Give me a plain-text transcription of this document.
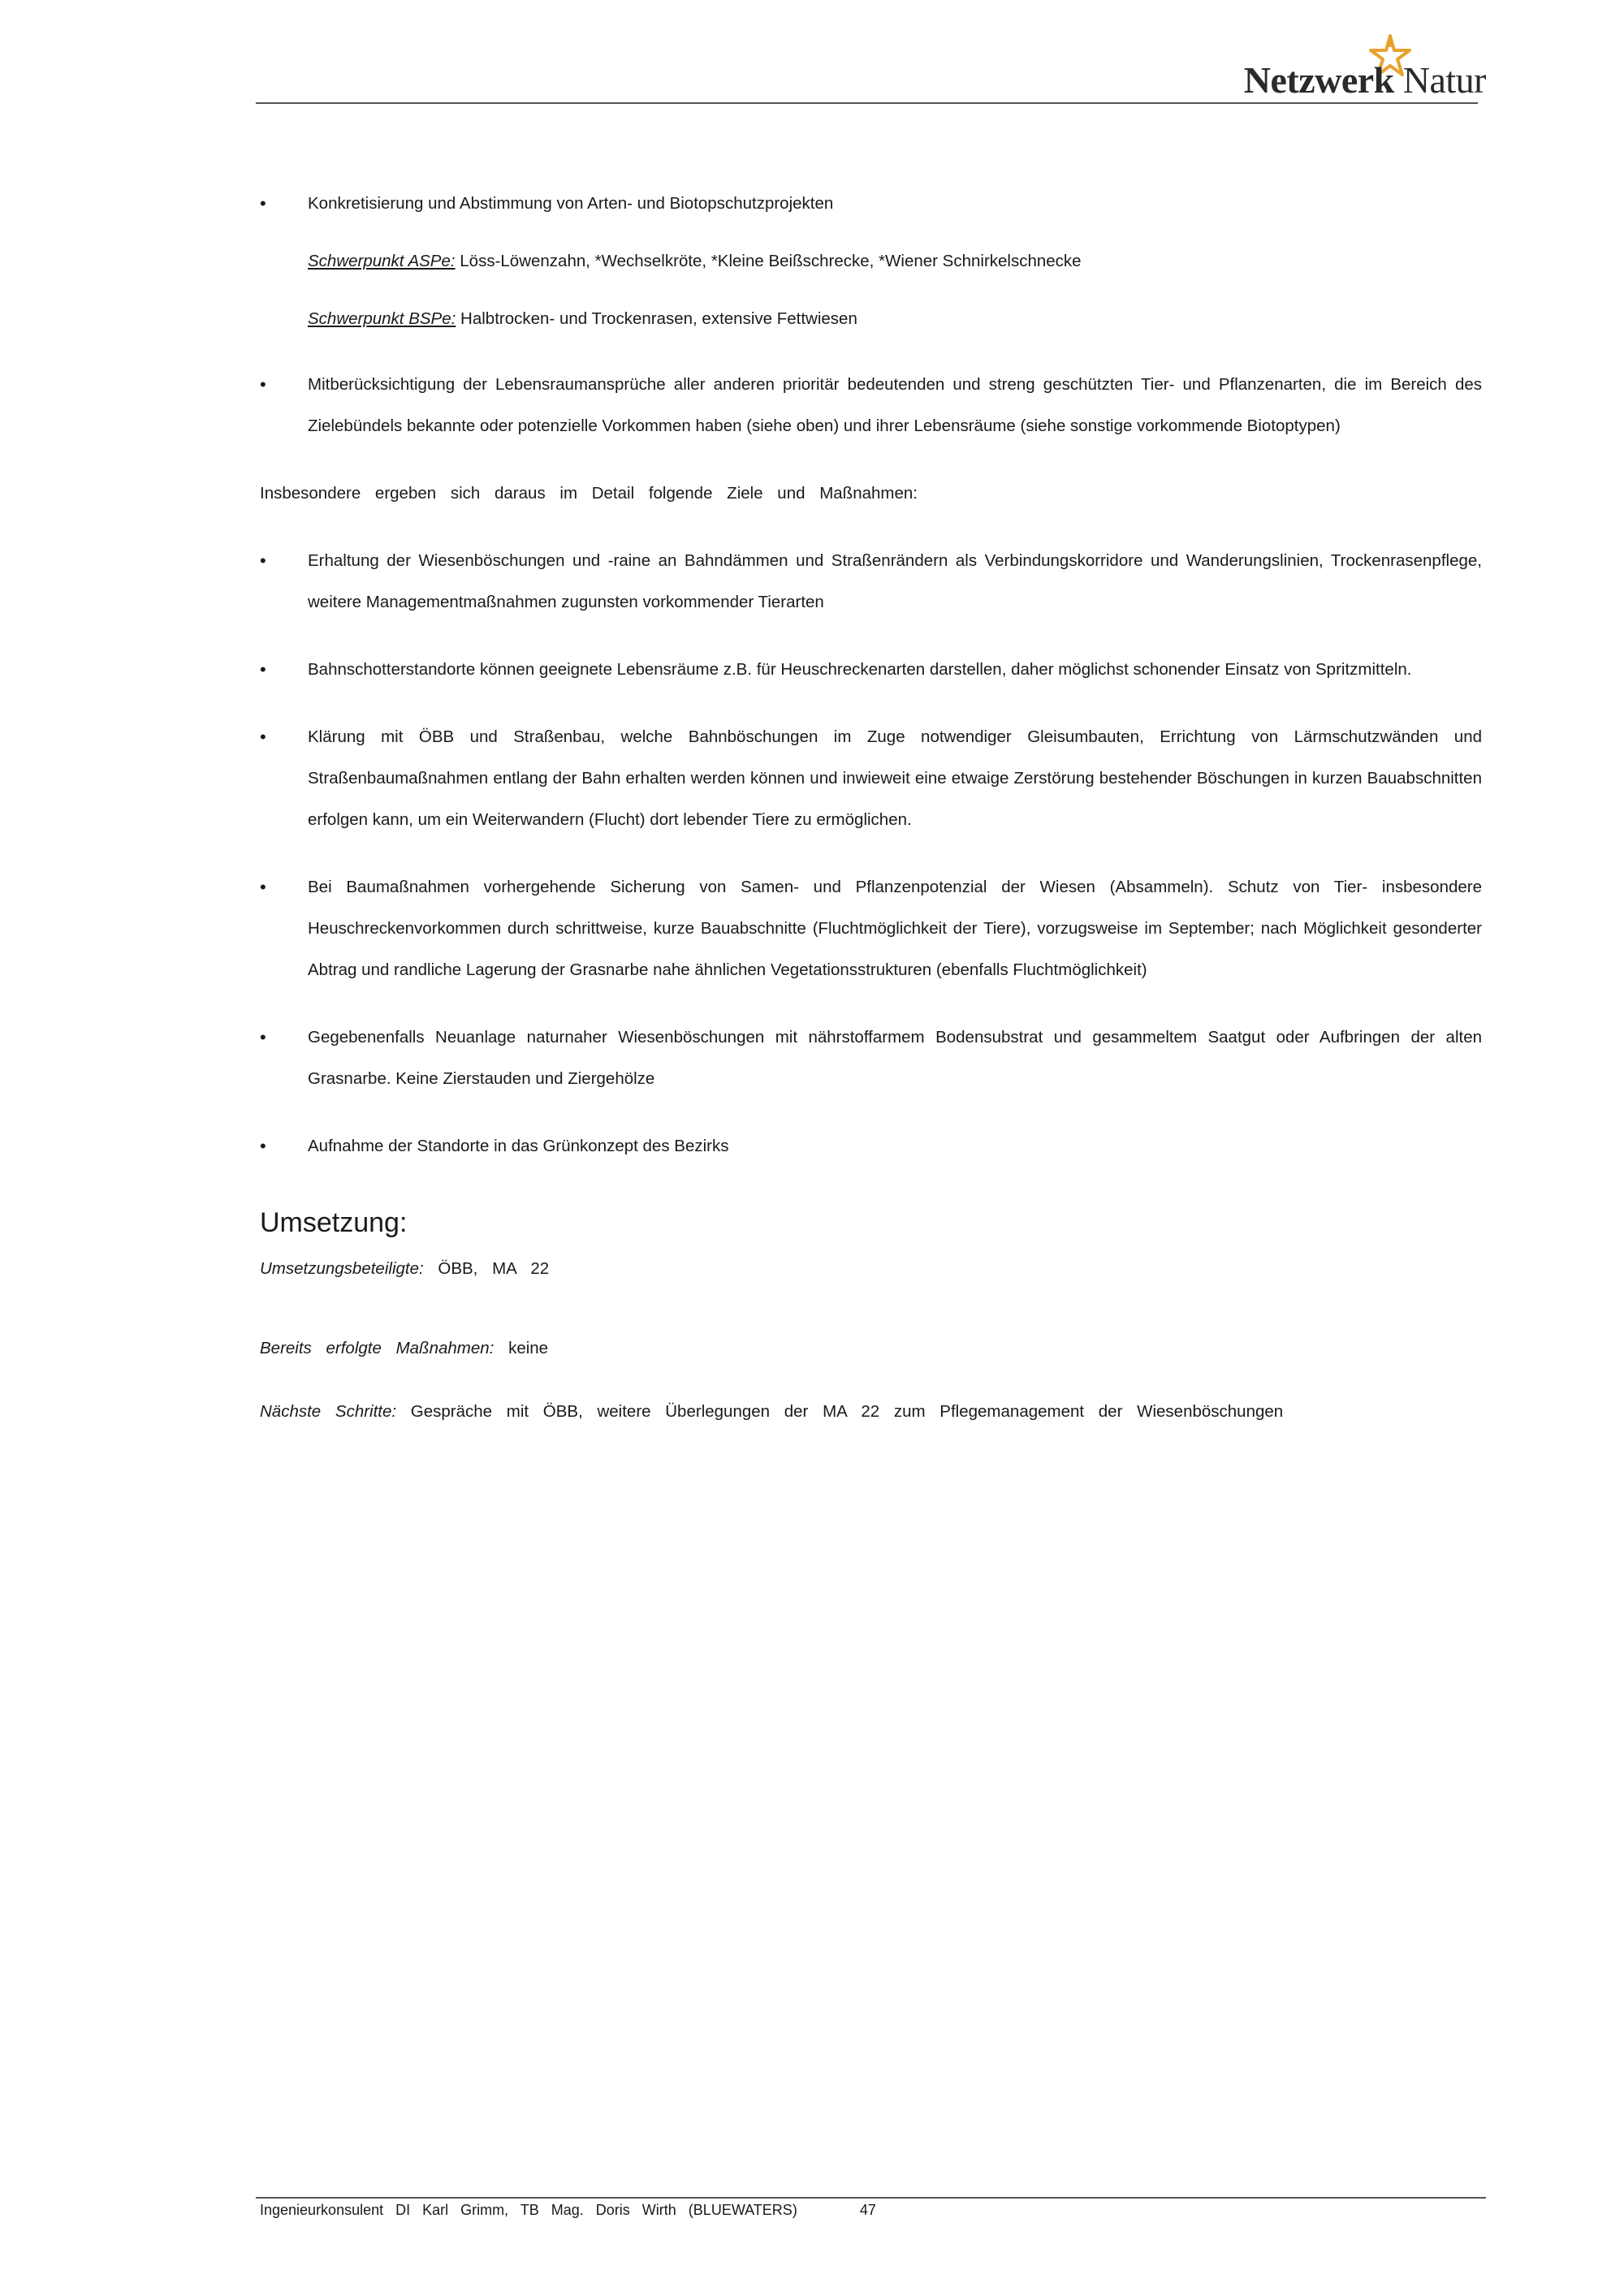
Netzwerk Natur
•	Konkretisierung und Abstimmung von Arten- und Biotopschutzprojekten
Schwerpunkt ASPe: Löss-Löwenzahn, *Wechselkröte, *Kleine Beißschrecke, *Wiener Schnirkelschnecke
Schwerpunkt BSPe: Halbtrocken- und Trockenrasen, extensive Fettwiesen
•	Mitberücksichtigung der Lebensraumansprüche aller anderen prioritär bedeutenden und streng geschützten Tier- und Pflanzenarten, die im Bereich des Zielebündels bekannte oder potenzielle Vorkommen haben (siehe oben) und ihrer Lebensräume (siehe sonstige vorkommende Biotoptypen)

Insbesondere ergeben sich daraus im Detail folgende Ziele und Maßnahmen:

•	Erhaltung der Wiesenböschungen und -raine an Bahndämmen und Straßenrändern als Verbindungskorridore und Wanderungslinien, Trockenrasenpflege, weitere Managementmaßnahmen zugunsten vorkommender Tierarten
•	Bahnschotterstandorte können geeignete Lebensräume z.B. für Heuschreckenarten darstellen, daher möglichst schonender Einsatz von Spritzmitteln.
•	Klärung mit ÖBB und Straßenbau, welche Bahnböschungen im Zuge notwendiger Gleisumbauten, Errichtung von Lärmschutzwänden und Straßenbaumaßnahmen entlang der Bahn erhalten werden können und inwieweit eine etwaige Zerstörung bestehender Böschungen in kurzen Bauabschnitten erfolgen kann, um ein Weiterwandern (Flucht) dort lebender Tiere zu ermöglichen.
•	Bei Baumaßnahmen vorhergehende Sicherung von Samen- und Pflanzenpotenzial der Wiesen (Absammeln). Schutz von Tier- insbesondere Heuschreckenvorkommen durch schrittweise, kurze Bauabschnitte (Fluchtmöglichkeit der Tiere), vorzugsweise im September; nach Möglichkeit gesonderter Abtrag und randliche Lagerung der Grasnarbe nahe ähnlichen Vegetationsstrukturen (ebenfalls Fluchtmöglichkeit)
•	Gegebenenfalls Neuanlage naturnaher Wiesenböschungen mit nährstoffarmem Bodensubstrat und gesammeltem Saatgut oder Aufbringen der alten Grasnarbe. Keine Zierstauden und Ziergehölze
•	Aufnahme der Standorte in das Grünkonzept des Bezirks
Umsetzung:

Umsetzungsbeteiligte: ÖBB, MA 22

Bereits erfolgte Maßnahmen: keine

Nächste Schritte: Gespräche mit ÖBB, weitere Überlegungen der MA 22 zum Pflegemanagement der Wiesenböschungen

Ingenieurkonsulent DI Karl Grimm, TB Mag. Doris Wirth (BLUEWATERS)	47
